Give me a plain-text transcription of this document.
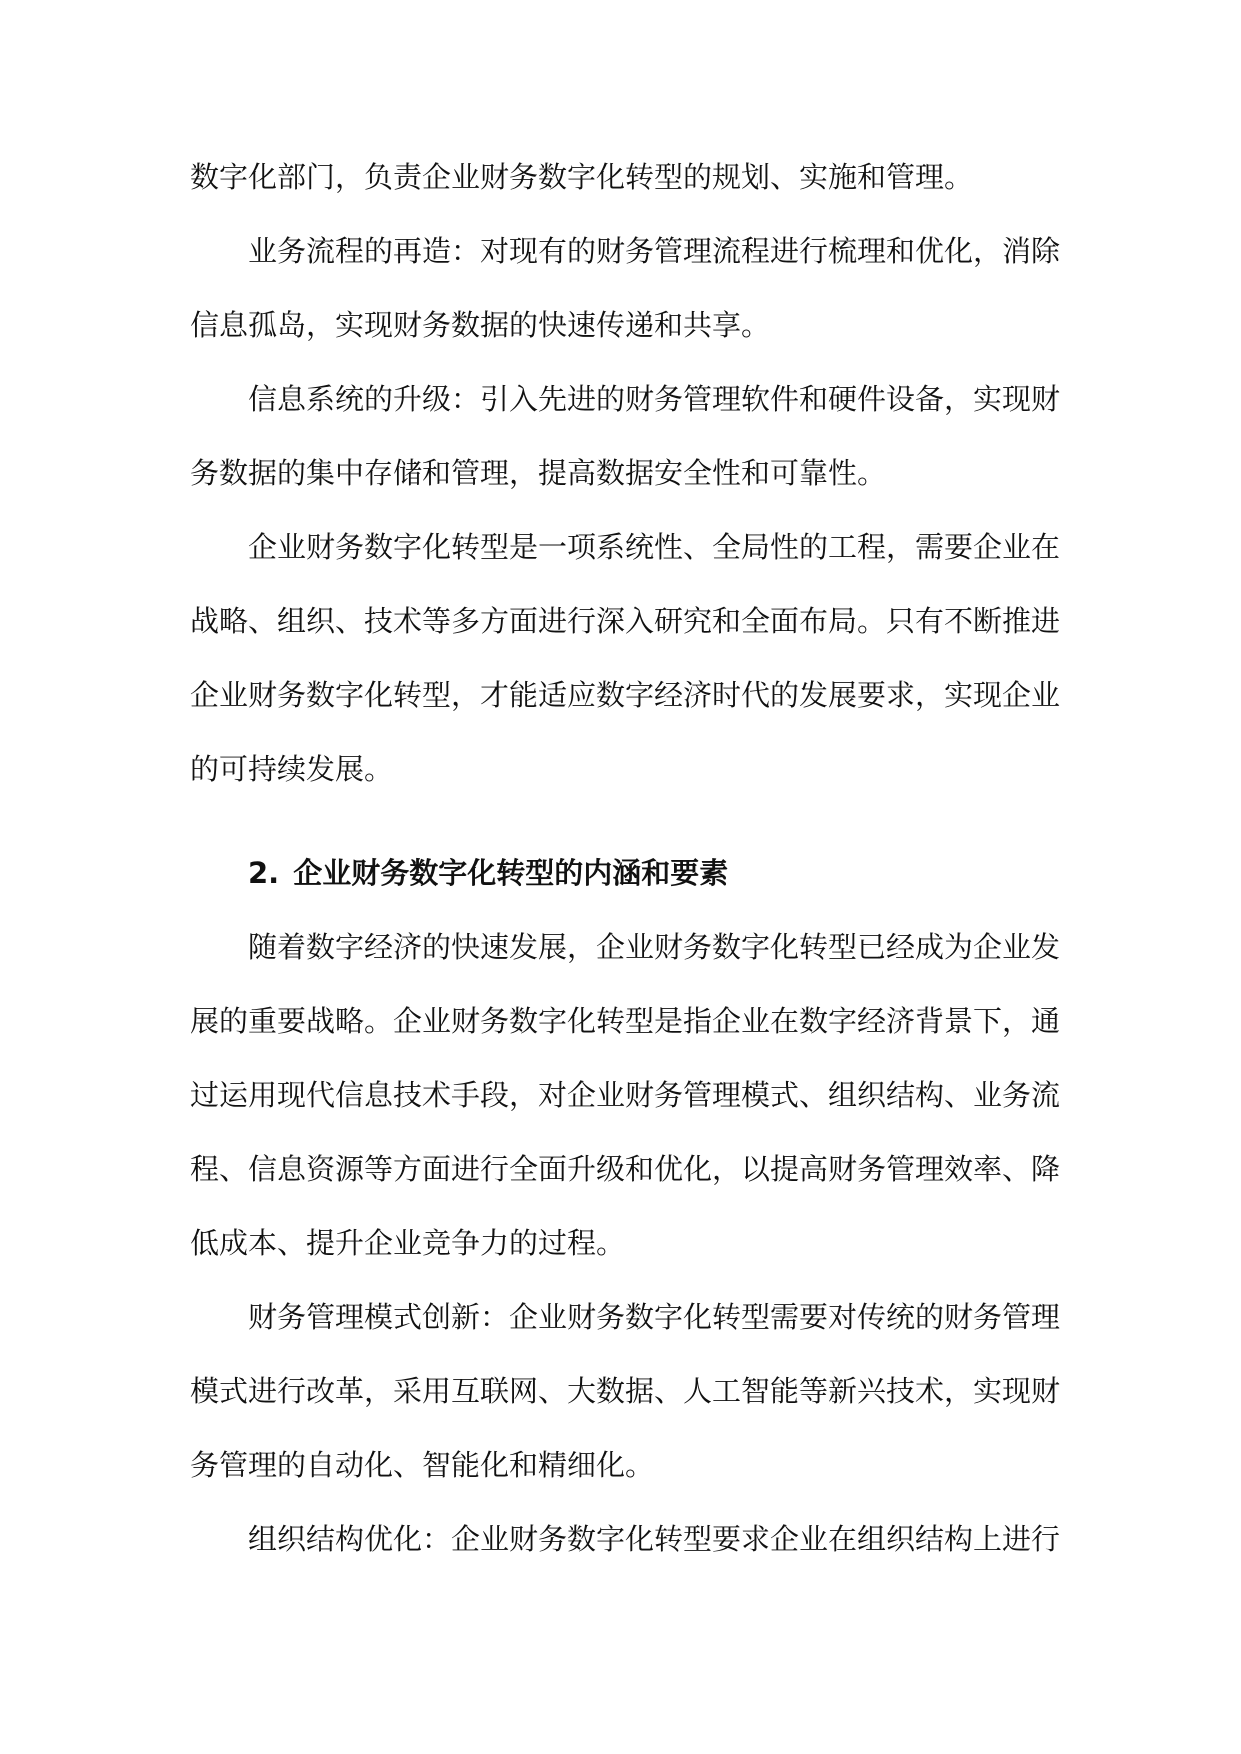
数字化部门，负责企业财务数字化转型的规划、实施和管理。

业务流程的再造：对现有的财务管理流程进行梳理和优化，消除信息孤岛，实现财务数据的快速传递和共享。

信息系统的升级：引入先进的财务管理软件和硬件设备，实现财务数据的集中存储和管理，提高数据安全性和可靠性。

企业财务数字化转型是一项系统性、全局性的工程，需要企业在战略、组织、技术等多方面进行深入研究和全面布局。只有不断推进企业财务数字化转型，才能适应数字经济时代的发展要求，实现企业的可持续发展。

2. 企业财务数字化转型的内涵和要素

随着数字经济的快速发展，企业财务数字化转型已经成为企业发展的重要战略。企业财务数字化转型是指企业在数字经济背景下，通过运用现代信息技术手段，对企业财务管理模式、组织结构、业务流程、信息资源等方面进行全面升级和优化，以提高财务管理效率、降低成本、提升企业竞争力的过程。

财务管理模式创新：企业财务数字化转型需要对传统的财务管理模式进行改革，采用互联网、大数据、人工智能等新兴技术，实现财务管理的自动化、智能化和精细化。

组织结构优化：企业财务数字化转型要求企业在组织结构上进行
